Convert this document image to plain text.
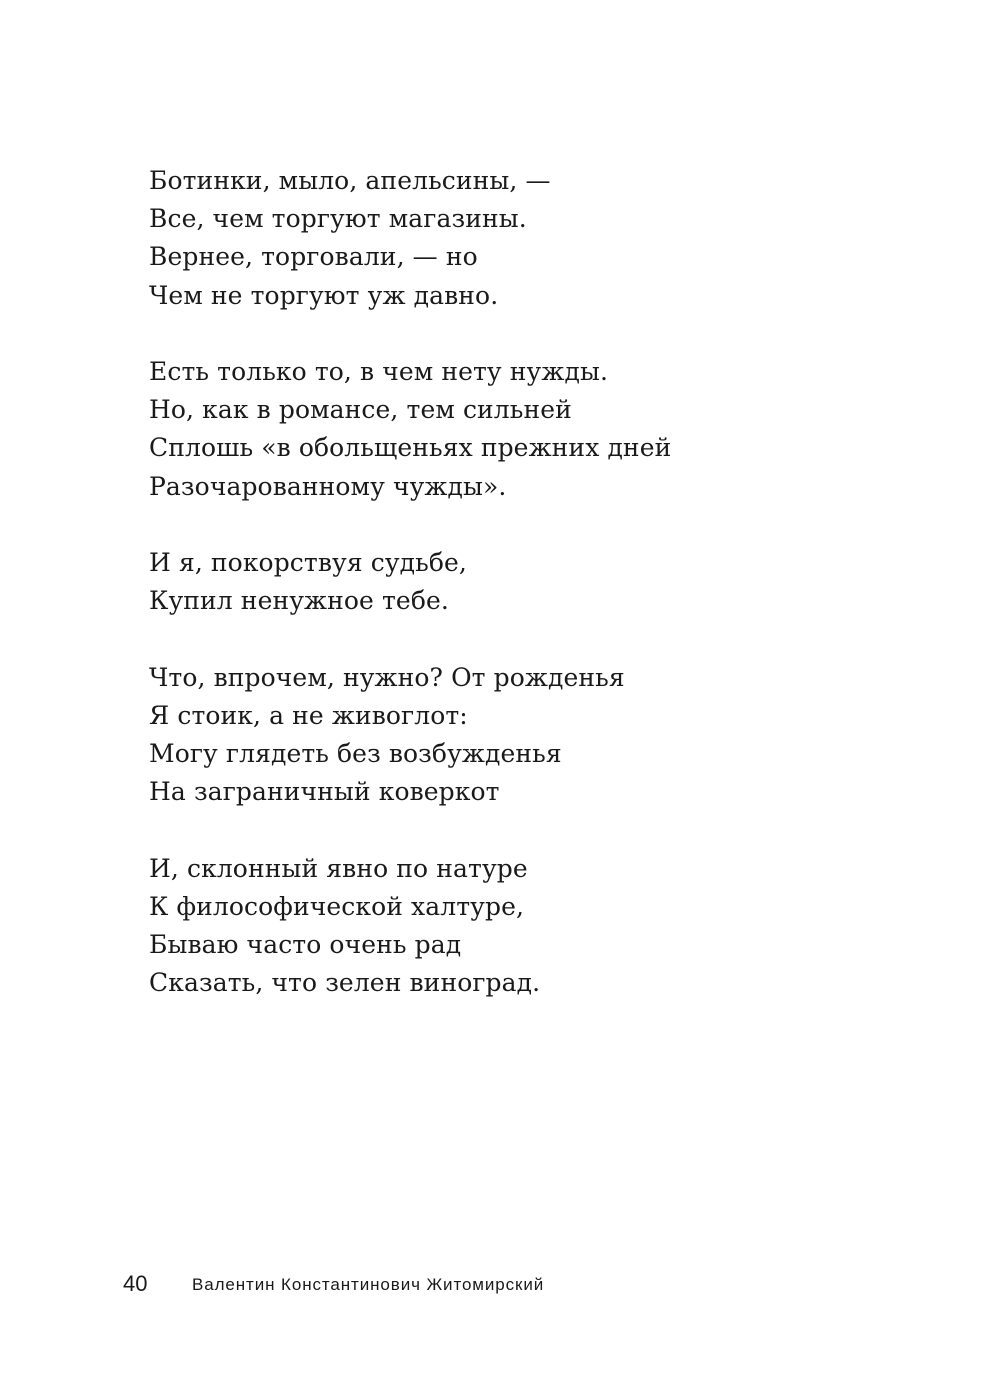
Ботинки, мыло, апельсины, —
Все, чем торгуют магазины.
Вернее, торговали, — но
Чем не торгуют уж давно.
Есть только то, в чем нету нужды.
Но, как в романсе, тем сильней
Сплошь «в обольщеньях прежних дней
Разочарованному чужды».
И я, покорствуя судьбе,
Купил ненужное тебе.
Что, впрочем, нужно? От рожденья
Я стоик, а не живоглот:
Могу глядеть без возбужденья
На заграничный коверкот
И, склонный явно по натуре
К философической халтуре,
Бываю часто очень рад
Сказать, что зелен виноград.
40	Валентин Константинович Житомирский
